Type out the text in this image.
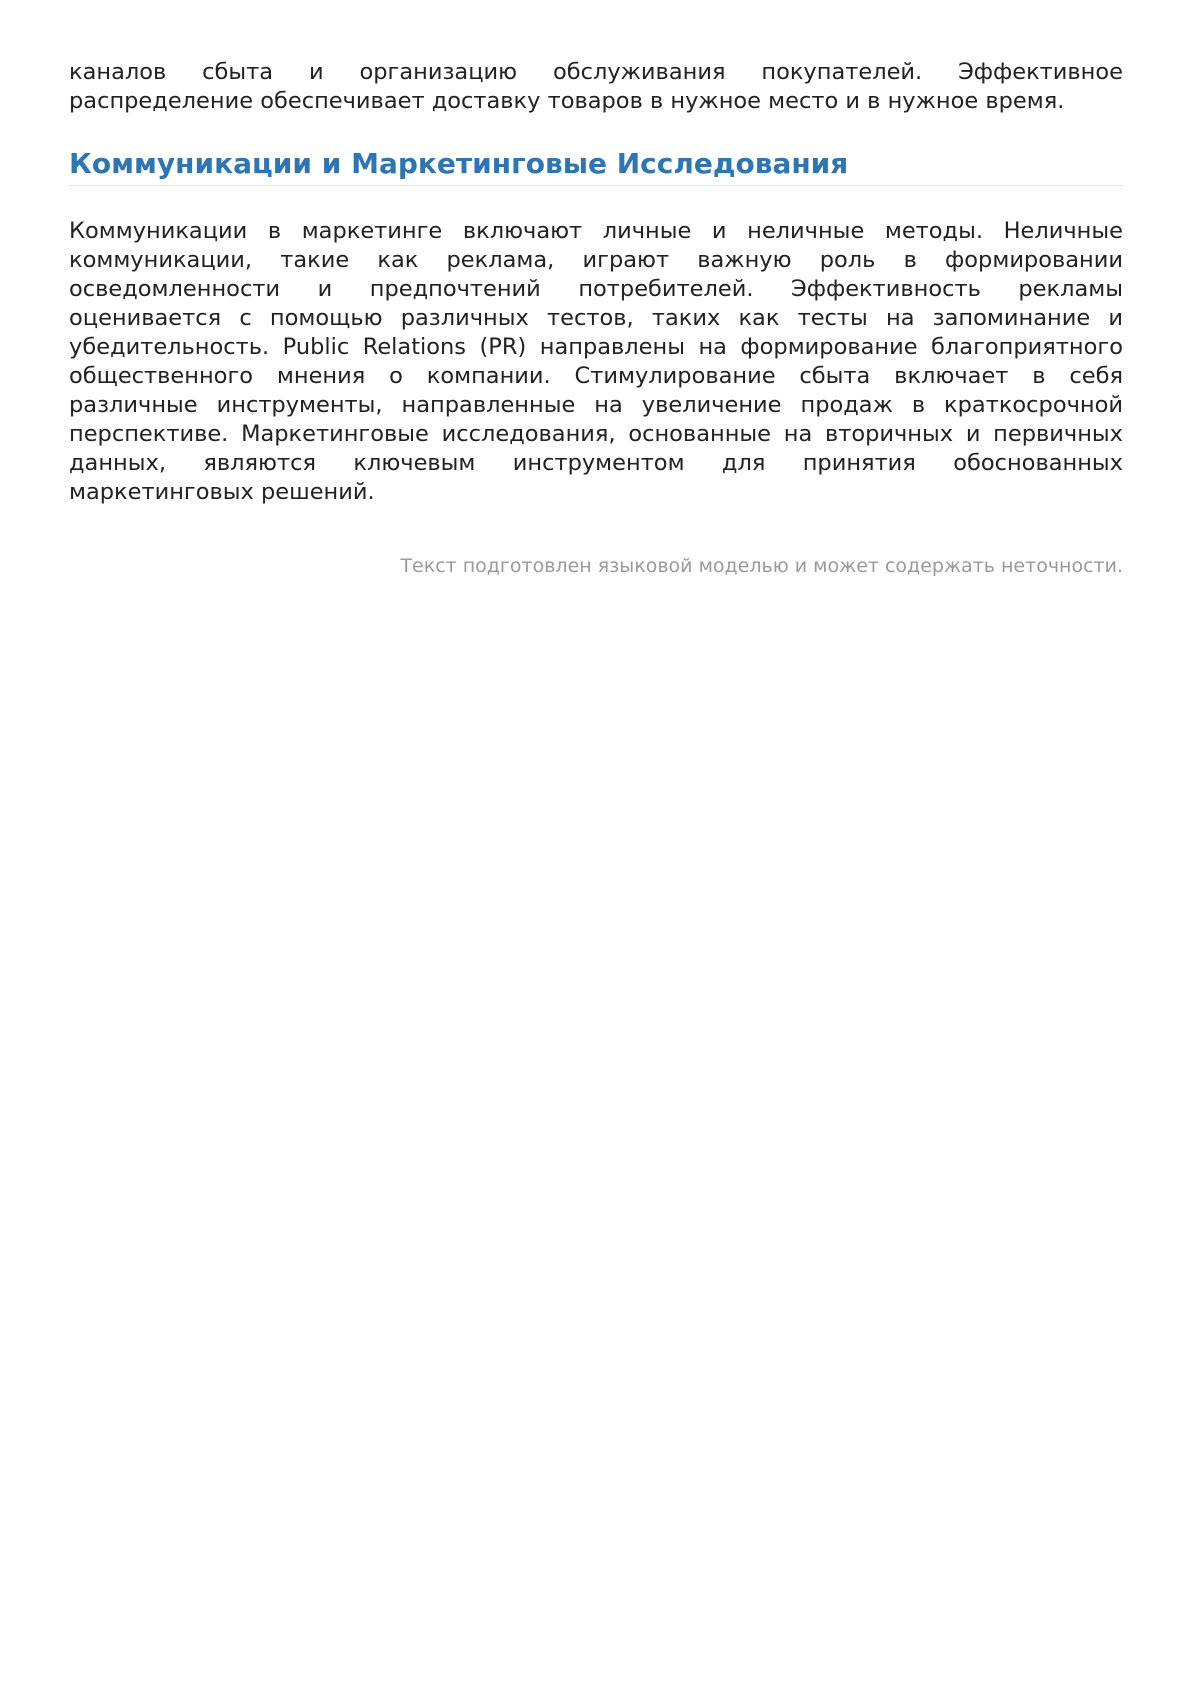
каналов сбыта и организацию обслуживания покупателей. Эффективное распределение обеспечивает доставку товаров в нужное место и в нужное время.

Коммуникации и Маркетинговые Исследования

Коммуникации в маркетинге включают личные и неличные методы. Неличные коммуникации, такие как реклама, играют важную роль в формировании осведомленности и предпочтений потребителей. Эффективность рекламы оценивается с помощью различных тестов, таких как тесты на запоминание и убедительность. Public Relations (PR) направлены на формирование благоприятного общественного мнения о компании. Стимулирование сбыта включает в себя различные инструменты, направленные на увеличение продаж в краткосрочной перспективе. Маркетинговые исследования, основанные на вторичных и первичных данных, являются ключевым инструментом для принятия обоснованных маркетинговых решений.

Текст подготовлен языковой моделью и может содержать неточности.
